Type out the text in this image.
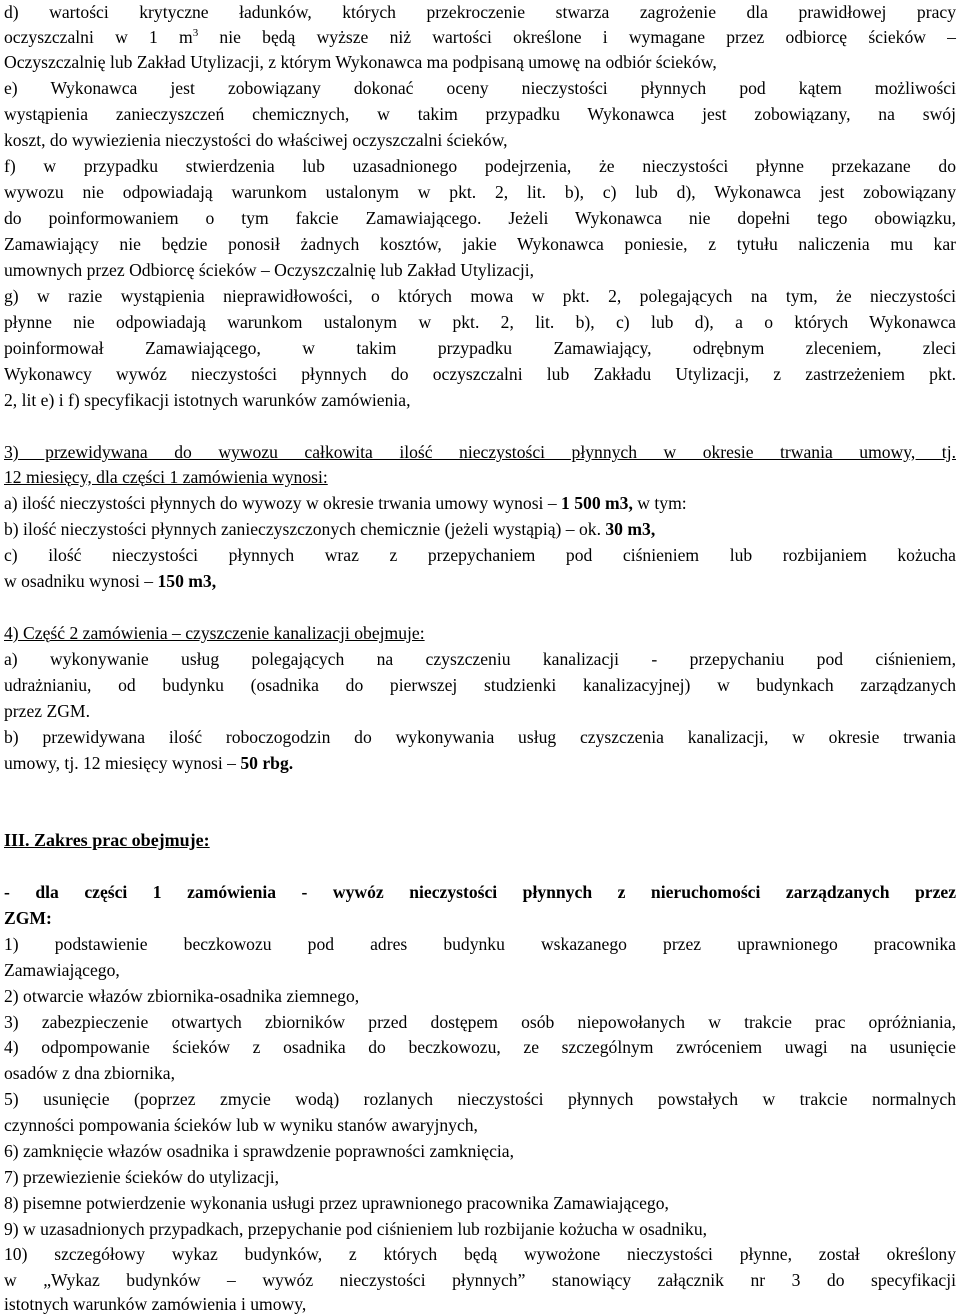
d) wartości krytyczne ładunków, których przekroczenie stwarza zagrożenie dla prawidłowej pracy
oczyszczalni w 1 $m^3$ nie będą wyższe niż wartości określone i wymagane przez odbiorcę ścieków –
Oczyszczalnię lub Zakład Utylizacji, z którym Wykonawca ma podpisaną umowę na odbiór ścieków,
e) Wykonawca jest zobowiązany dokonać oceny nieczystości płynnych pod kątem możliwości
wystąpienia zanieczyszczeń chemicznych, w takim przypadku Wykonawca jest zobowiązany, na swój
koszt, do wywiezienia nieczystości do właściwej oczyszczalni ścieków,
f) w przypadku stwierdzenia lub uzasadnionego podejrzenia, że nieczystości płynne przekazane do
wywozu nie odpowiadają warunkom ustalonym w pkt. 2, lit. b), c) lub d), Wykonawca jest zobowiązany
do poinformowaniem o tym fakcie Zamawiającego. Jeżeli Wykonawca nie dopełni tego obowiązku,
Zamawiający nie będzie ponosił żadnych kosztów, jakie Wykonawca poniesie, z tytułu naliczenia mu kar
umownych przez Odbiorcę ścieków – Oczyszczalnię lub Zakład Utylizacji,
g) w razie wystąpienia nieprawidłowości, o których mowa w pkt. 2, polegających na tym, że nieczystości
płynne nie odpowiadają warunkom ustalonym w pkt. 2, lit. b), c) lub d), a o których Wykonawca
poinformował Zamawiającego, w takim przypadku Zamawiający, odrębnym zleceniem, zleci
Wykonawcy wywóz nieczystości płynnych do oczyszczalni lub Zakładu Utylizacji, z zastrzeżeniem pkt.
2, lit e) i f) specyfikacji istotnych warunków zamówienia,
3) przewidywana do wywozu całkowita ilość nieczystości płynnych w okresie trwania umowy, tj.
12 miesięcy, dla części 1 zamówienia wynosi:
a) ilość nieczystości płynnych do wywozy w okresie trwania umowy wynosi – 1 500 m3, w tym:
b) ilość nieczystości płynnych zanieczyszczonych chemicznie (jeżeli wystąpią) – ok. 30 m3,
c) ilość nieczystości płynnych wraz z przepychaniem pod ciśnieniem lub rozbijaniem kożucha
w osadniku wynosi – 150 m3,
4) Część 2 zamówienia – czyszczenie kanalizacji obejmuje:
a) wykonywanie usług polegających na czyszczeniu kanalizacji - przepychaniu pod ciśnieniem,
udrażnianiu, od budynku (osadnika do pierwszej studzienki kanalizacyjnej) w budynkach zarządzanych
przez ZGM.
b) przewidywana ilość roboczogodzin do wykonywania usług czyszczenia kanalizacji, w okresie trwania
umowy, tj. 12 miesięcy wynosi – 50 rbg.
III. Zakres prac obejmuje:
- dla części 1 zamówienia - wywóz nieczystości płynnych z nieruchomości zarządzanych przez
ZGM:
1) podstawienie beczkowozu pod adres budynku wskazanego przez uprawnionego pracownika
Zamawiającego,
2) otwarcie włazów zbiornika-osadnika ziemnego,
3) zabezpieczenie otwartych zbiorników przed dostępem osób niepowołanych w trakcie prac opróżniania,
4) odpompowanie ścieków z osadnika do beczkowozu, ze szczególnym zwróceniem uwagi na usunięcie
osadów z dna zbiornika,
5) usunięcie (poprzez zmycie wodą) rozlanych nieczystości płynnych powstałych w trakcie normalnych
czynności pompowania ścieków lub w wyniku stanów awaryjnych,
6) zamknięcie włazów osadnika i sprawdzenie poprawności zamknięcia,
7) przewiezienie ścieków do utylizacji,
8) pisemne potwierdzenie wykonania usługi przez uprawnionego pracownika Zamawiającego,
9) w uzasadnionych przypadkach, przepychanie pod ciśnieniem lub rozbijanie kożucha w osadniku,
10) szczegółowy wykaz budynków, z których będą wywożone nieczystości płynne, został określony
w „Wykaz budynków – wywóz nieczystości płynnych” stanowiący załącznik nr 3 do specyfikacji
istotnych warunków zamówienia i umowy,
